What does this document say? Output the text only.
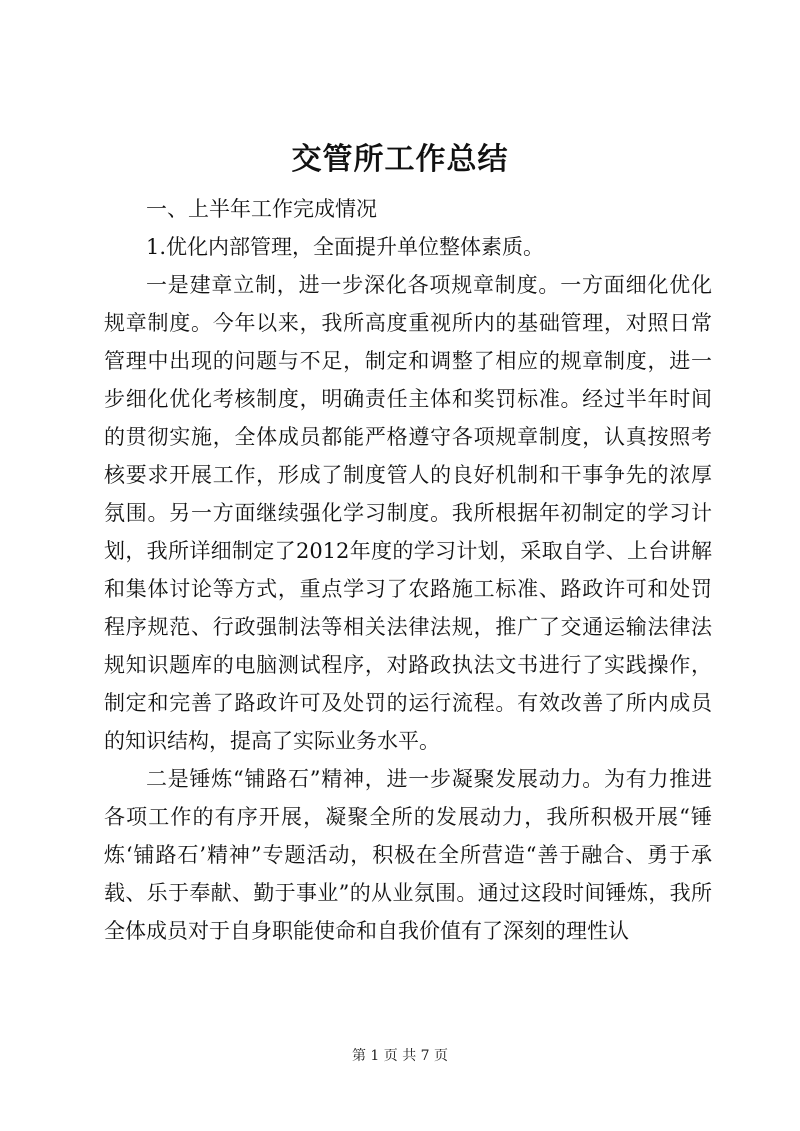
交管所工作总结

一、上半年工作完成情况

1.优化内部管理，全面提升单位整体素质。

一是建章立制，进一步深化各项规章制度。一方面细化优化规章制度。今年以来，我所高度重视所内的基础管理，对照日常管理中出现的问题与不足，制定和调整了相应的规章制度，进一步细化优化考核制度，明确责任主体和奖罚标准。经过半年时间的贯彻实施，全体成员都能严格遵守各项规章制度，认真按照考核要求开展工作，形成了制度管人的良好机制和干事争先的浓厚氛围。另一方面继续强化学习制度。我所根据年初制定的学习计划，我所详细制定了2012年度的学习计划，采取自学、上台讲解和集体讨论等方式，重点学习了农路施工标准、路政许可和处罚程序规范、行政强制法等相关法律法规，推广了交通运输法律法规知识题库的电脑测试程序，对路政执法文书进行了实践操作，制定和完善了路政许可及处罚的运行流程。有效改善了所内成员的知识结构，提高了实际业务水平。

二是锤炼“铺路石”精神，进一步凝聚发展动力。为有力推进各项工作的有序开展，凝聚全所的发展动力，我所积极开展“锤炼‘铺路石’精神”专题活动，积极在全所营造“善于融合、勇于承载、乐于奉献、勤于事业”的从业氛围。通过这段时间锤炼，我所全体成员对于自身职能使命和自我价值有了深刻的理性认

第 1 页 共 7 页
